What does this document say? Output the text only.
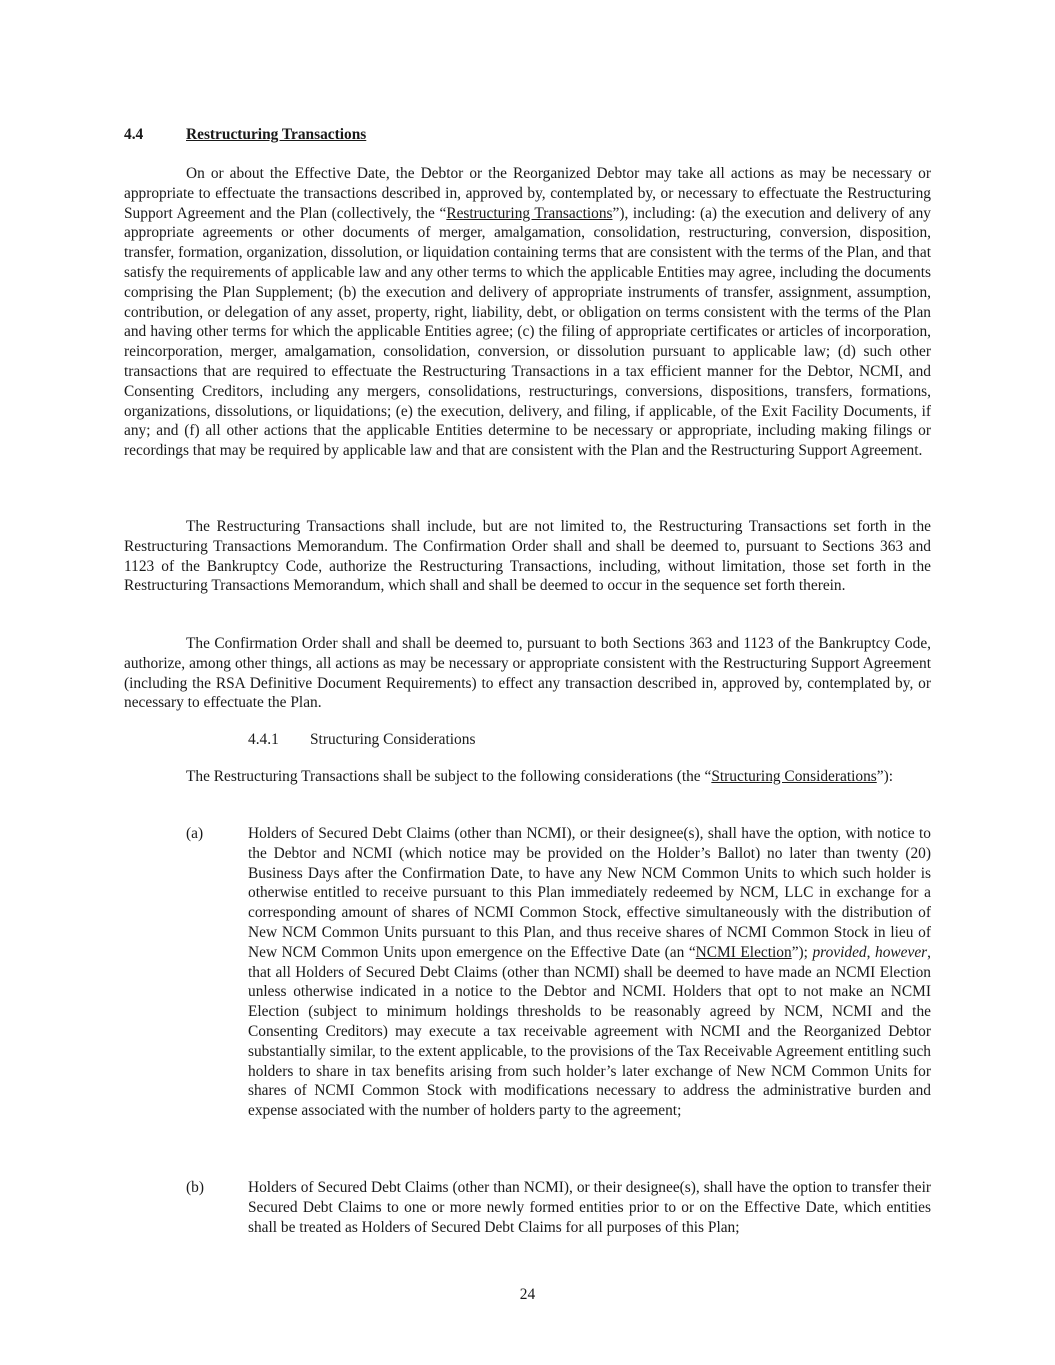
4.4	Restructuring Transactions

On or about the Effective Date, the Debtor or the Reorganized Debtor may take all actions as may be necessary or appropriate to effectuate the transactions described in, approved by, contemplated by, or necessary to effectuate the Restructuring Support Agreement and the Plan (collectively, the “Restructuring Transactions”), including: (a) the execution and delivery of any appropriate agreements or other documents of merger, amalgamation, consolidation, restructuring, conversion, disposition, transfer, formation, organization, dissolution, or liquidation containing terms that are consistent with the terms of the Plan, and that satisfy the requirements of applicable law and any other terms to which the applicable Entities may agree, including the documents comprising the Plan Supplement; (b) the execution and delivery of appropriate instruments of transfer, assignment, assumption, contribution, or delegation of any asset, property, right, liability, debt, or obligation on terms consistent with the terms of the Plan and having other terms for which the applicable Entities agree; (c) the filing of appropriate certificates or articles of incorporation, reincorporation, merger, amalgamation, consolidation, conversion, or dissolution pursuant to applicable law; (d) such other transactions that are required to effectuate the Restructuring Transactions in a tax efficient manner for the Debtor, NCMI, and Consenting Creditors, including any mergers, consolidations, restructurings, conversions, dispositions, transfers, formations, organizations, dissolutions, or liquidations; (e) the execution, delivery, and filing, if applicable, of the Exit Facility Documents, if any; and (f) all other actions that the applicable Entities determine to be necessary or appropriate, including making filings or recordings that may be required by applicable law and that are consistent with the Plan and the Restructuring Support Agreement.

The Restructuring Transactions shall include, but are not limited to, the Restructuring Transactions set forth in the Restructuring Transactions Memorandum. The Confirmation Order shall and shall be deemed to, pursuant to Sections 363 and 1123 of the Bankruptcy Code, authorize the Restructuring Transactions, including, without limitation, those set forth in the Restructuring Transactions Memorandum, which shall and shall be deemed to occur in the sequence set forth therein.

The Confirmation Order shall and shall be deemed to, pursuant to both Sections 363 and 1123 of the Bankruptcy Code, authorize, among other things, all actions as may be necessary or appropriate consistent with the Restructuring Support Agreement (including the RSA Definitive Document Requirements) to effect any transaction described in, approved by, contemplated by, or necessary to effectuate the Plan.

4.4.1 Structuring Considerations

The Restructuring Transactions shall be subject to the following considerations (the “Structuring Considerations”):

(a)	Holders of Secured Debt Claims (other than NCMI), or their designee(s), shall have the option, with notice to the Debtor and NCMI (which notice may be provided on the Holder’s Ballot) no later than twenty (20) Business Days after the Confirmation Date, to have any New NCM Common Units to which such holder is otherwise entitled to receive pursuant to this Plan immediately redeemed by NCM, LLC in exchange for a corresponding amount of shares of NCMI Common Stock, effective simultaneously with the distribution of New NCM Common Units pursuant to this Plan, and thus receive shares of NCMI Common Stock in lieu of New NCM Common Units upon emergence on the Effective Date (an “NCMI Election”); provided, however, that all Holders of Secured Debt Claims (other than NCMI) shall be deemed to have made an NCMI Election unless otherwise indicated in a notice to the Debtor and NCMI. Holders that opt to not make an NCMI Election (subject to minimum holdings thresholds to be reasonably agreed by NCM, NCMI and the Consenting Creditors) may execute a tax receivable agreement with NCMI and the Reorganized Debtor substantially similar, to the extent applicable, to the provisions of the Tax Receivable Agreement entitling such holders to share in tax benefits arising from such holder’s later exchange of New NCM Common Units for shares of NCMI Common Stock with modifications necessary to address the administrative burden and expense associated with the number of holders party to the agreement;
(b)	Holders of Secured Debt Claims (other than NCMI), or their designee(s), shall have the option to transfer their Secured Debt Claims to one or more newly formed entities prior to or on the Effective Date, which entities shall be treated as Holders of Secured Debt Claims for all purposes of this Plan;
24
